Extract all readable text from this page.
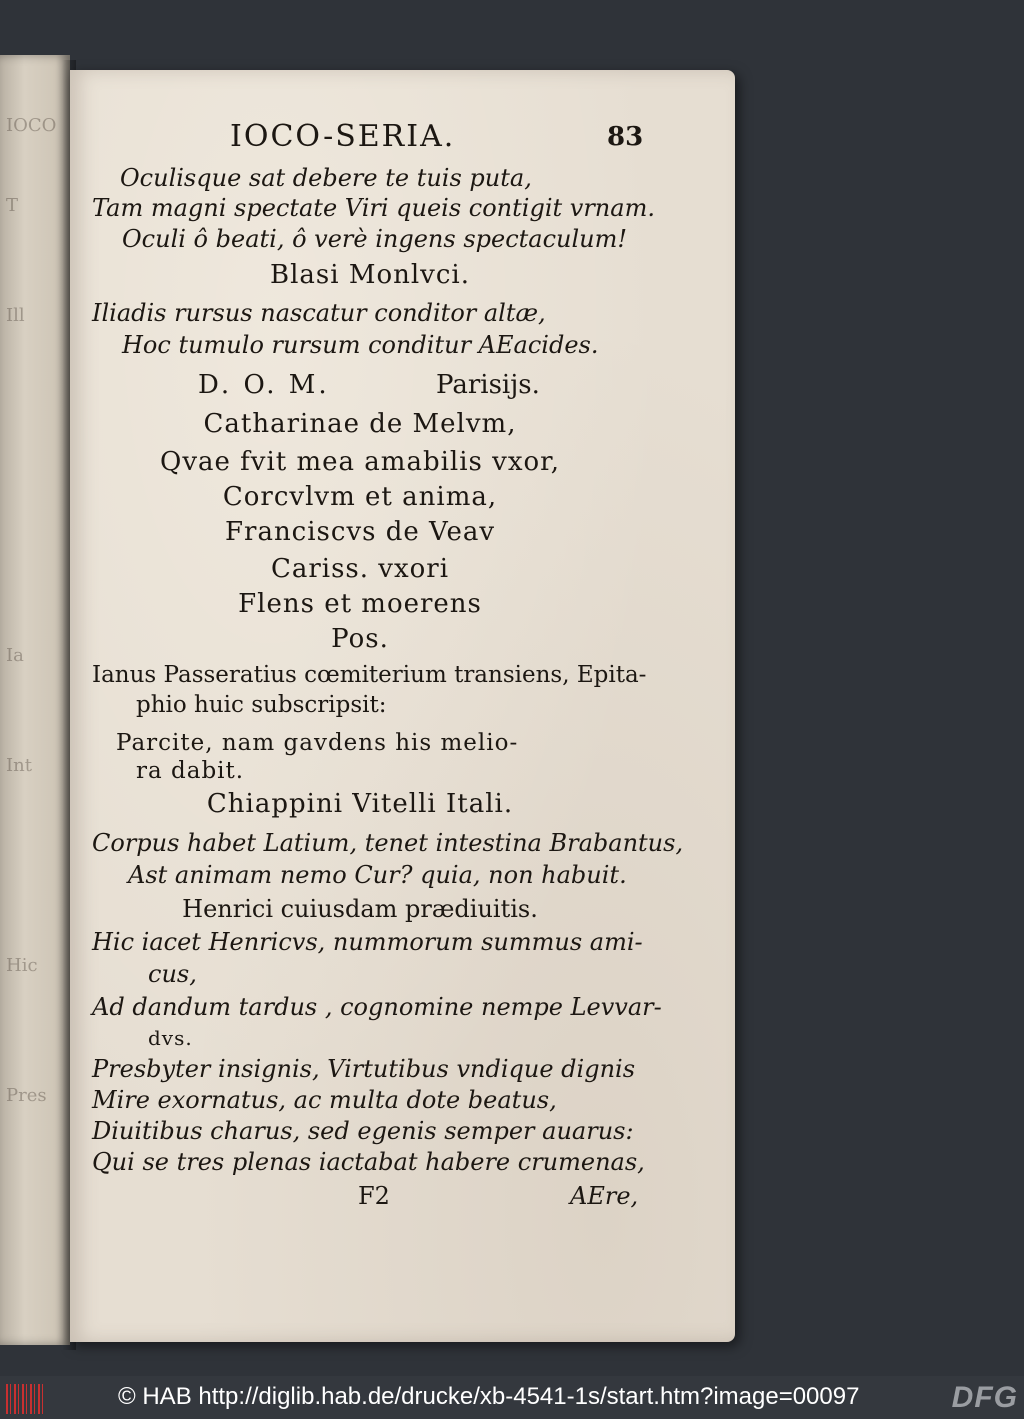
IOCO
T
Ill
Ia
Int
Hic
Pres
IOCO-SERIA.	83
Oculisque sat debere te tuis puta,
Tam magni spectate Viri queis contigit vrnam.
Oculi ô beati, ô verè ingens spectaculum!
Blasi Monlvci.
Iliadis rursus nascatur conditor altæ,
Hoc tumulo rursum conditur AEacides.
D. O. M.	Parisijs.
Catharinae de Melvm,
Qvae fvit mea amabilis vxor,
Corcvlvm et anima,
Franciscvs de Veav
Cariss. vxori
Flens et moerens
Pos.
Ianus Passeratius cœmiterium transiens, Epita-
phio huic subscripsit:
Parcite, nam gavdens his melio-
ra dabit.
Chiappini Vitelli Itali.
Corpus habet Latium, tenet intestina Brabantus,
Ast animam nemo Cur? quia, non habuit.
Henrici cuiusdam prædiuitis.
Hic iacet Henricvs, nummorum summus ami-
cus,
Ad dandum tardus , cognomine nempe Levvar-
dvs.
Presbyter insignis, Virtutibus vndique dignis
Mire exornatus, ac multa dote beatus,
Diuitibus charus, sed egenis semper auarus:
Qui se tres plenas iactabat habere crumenas,
F2	AEre,
© HAB http://diglib.hab.de/drucke/xb-4541-1s/start.htm?image=00097	DFG
